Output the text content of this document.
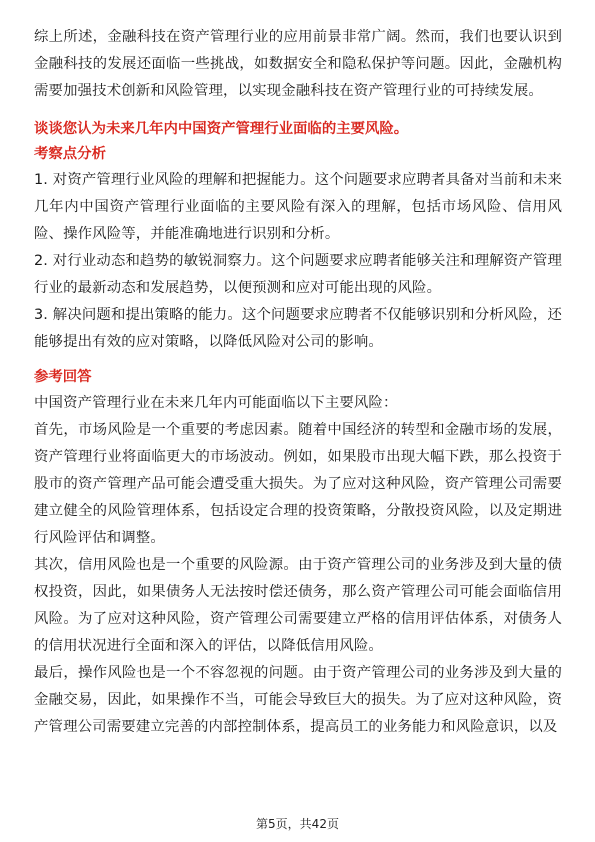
综上所述，金融科技在资产管理行业的应用前景非常广阔。然而，我们也要认识到金融科技的发展还面临一些挑战，如数据安全和隐私保护等问题。因此，金融机构需要加强技术创新和风险管理，以实现金融科技在资产管理行业的可持续发展。

谈谈您认为未来几年内中国资产管理行业面临的主要风险。
考察点分析

1. 对资产管理行业风险的理解和把握能力。这个问题要求应聘者具备对当前和未来几年内中国资产管理行业面临的主要风险有深入的理解，包括市场风险、信用风险、操作风险等，并能准确地进行识别和分析。

2. 对行业动态和趋势的敏锐洞察力。这个问题要求应聘者能够关注和理解资产管理行业的最新动态和发展趋势，以便预测和应对可能出现的风险。

3. 解决问题和提出策略的能力。这个问题要求应聘者不仅能够识别和分析风险，还能够提出有效的应对策略，以降低风险对公司的影响。

参考回答

中国资产管理行业在未来几年内可能面临以下主要风险：

首先，市场风险是一个重要的考虑因素。随着中国经济的转型和金融市场的发展，资产管理行业将面临更大的市场波动。例如，如果股市出现大幅下跌，那么投资于股市的资产管理产品可能会遭受重大损失。为了应对这种风险，资产管理公司需要建立健全的风险管理体系，包括设定合理的投资策略，分散投资风险，以及定期进行风险评估和调整。

其次，信用风险也是一个重要的风险源。由于资产管理公司的业务涉及到大量的债权投资，因此，如果债务人无法按时偿还债务，那么资产管理公司可能会面临信用风险。为了应对这种风险，资产管理公司需要建立严格的信用评估体系，对债务人的信用状况进行全面和深入的评估，以降低信用风险。

最后，操作风险也是一个不容忽视的问题。由于资产管理公司的业务涉及到大量的金融交易，因此，如果操作不当，可能会导致巨大的损失。为了应对这种风险，资产管理公司需要建立完善的内部控制体系，提高员工的业务能力和风险意识，以及

第5页，共42页
